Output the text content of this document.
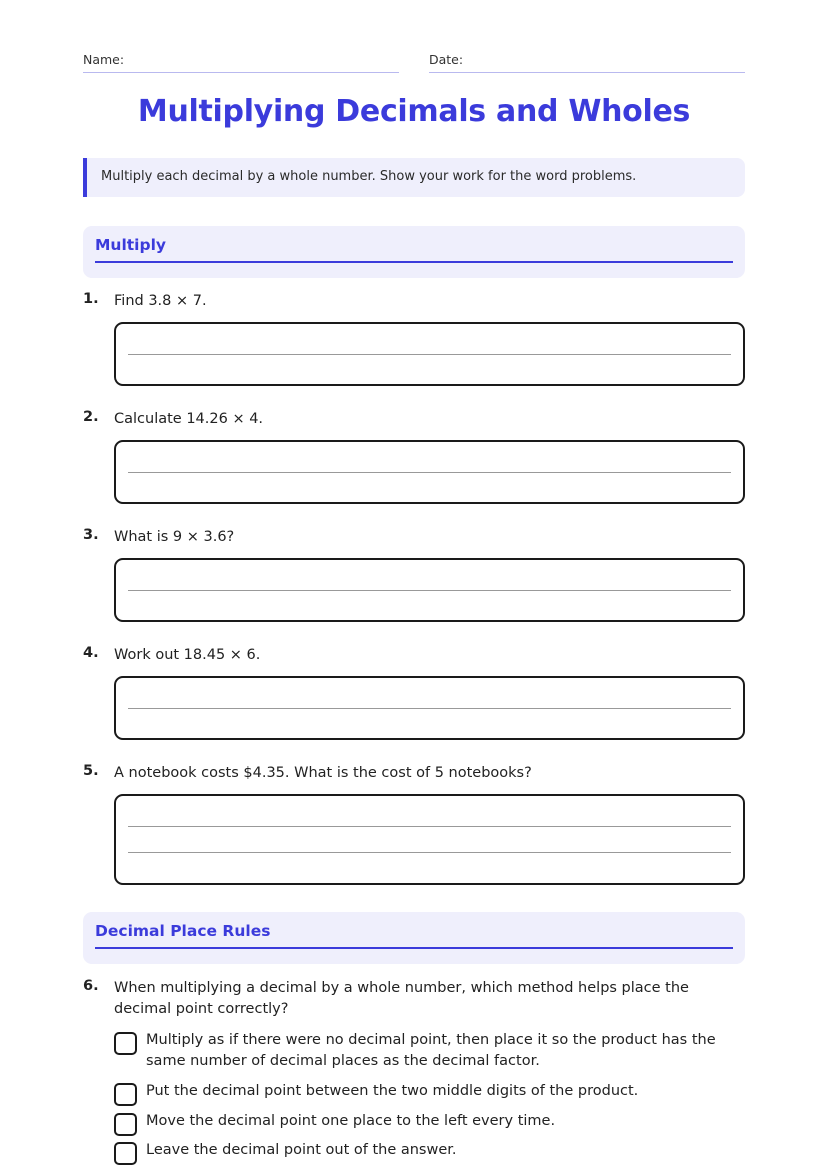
Name:	Date:
Multiplying Decimals and Wholes
Multiply each decimal by a whole number. Show your work for the word problems.
Multiply
1. Find 3.8 × 7.
2. Calculate 14.26 × 4.
3. What is 9 × 3.6?
4. Work out 18.45 × 6.
5. A notebook costs $4.35. What is the cost of 5 notebooks?
Decimal Place Rules
6. When multiplying a decimal by a whole number, which method helps place the decimal point correctly?
Multiply as if there were no decimal point, then place it so the product has the same number of decimal places as the decimal factor.
Put the decimal point between the two middle digits of the product.
Move the decimal point one place to the left every time.
Leave the decimal point out of the answer.
